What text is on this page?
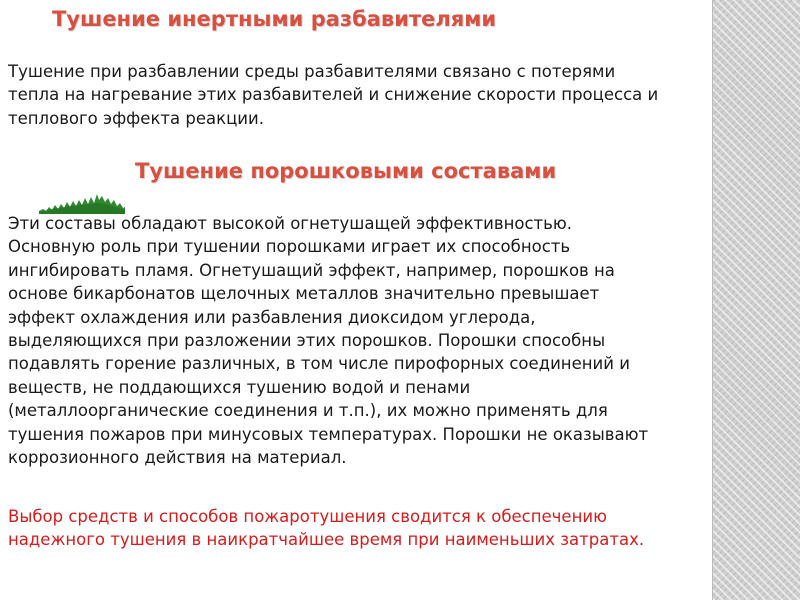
Тушение инертными разбавителями

Тушение при разбавлении среды разбавителями связано с потерями
тепла на нагревание этих разбавителей и снижение скорости процесса и
теплового эффекта реакции.

Тушение порошковыми составами

Эти составы обладают высокой огнетушащей эффективностью.
Основную роль при тушении порошками играет их способность
ингибировать пламя. Огнетушащий эффект, например, порошков на
основе бикарбонатов щелочных металлов значительно превышает
эффект охлаждения или разбавления диоксидом углерода,
выделяющихся при разложении этих порошков. Порошки способны
подавлять горение различных, в том числе пирофорных соединений и
веществ, не поддающихся тушению водой и пенами
(металлоорганические соединения и т.п.), их можно применять для
тушения пожаров при минусовых температурах. Порошки не оказывают
коррозионного действия на материал.

Выбор средств и способов пожаротушения сводится к обеспечению
надежного тушения в наикратчайшее время при наименьших затратах.
